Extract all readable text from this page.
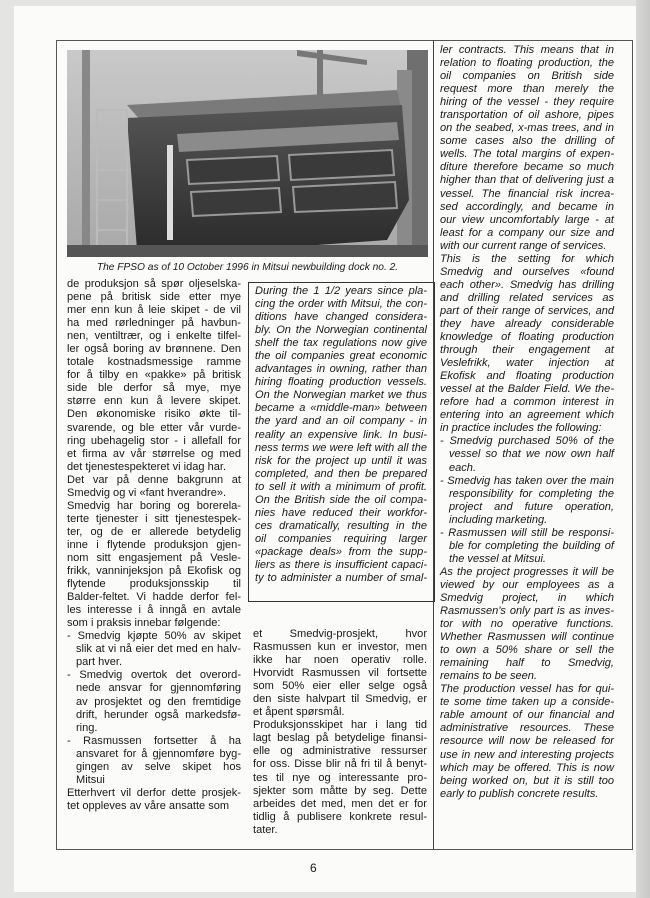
The FPSO as of 10 October 1996 in Mitsui newbuilding dock no. 2.

de produksjon så spør oljeselska-

pene på britisk side etter mye

mer enn kun å leie skipet - de vil

ha med rørledninger på havbun-

nen, ventiltrær, og i enkelte tilfel-

ler også boring av brønnene. Den

totale kostnadsmessige ramme

for å tilby en «pakke» på britisk

side ble derfor så mye, mye

større enn kun å levere skipet.

Den økonomiske risiko økte til-

svarende, og ble etter vår vurde-

ring ubehagelig stor - i allefall for

et firma av vår størrelse og med

det tjenestespekteret vi idag har.

Det var på denne bakgrunn at

Smedvig og vi «fant hverandre».

Smedvig har boring og borerela-

terte tjenester i sitt tjenestespek-

ter, og de er allerede betydelig

inne i flytende produksjon gjen-

nom sitt engasjement på Vesle-

frikk, vanninjeksjon på Ekofisk og

flytende produksjonsskip til

Balder-feltet. Vi hadde derfor fel-

les interesse i å inngå en avtale

som i praksis innebar følgende:

- Smedvig kjøpte 50% av skipet

slik at vi nå eier det med en halv-

part hver.

- Smedvig overtok det overord-

nede ansvar for gjennomføring

av prosjektet og den fremtidige

drift, herunder også markedsfø-

ring.

- Rasmussen fortsetter å ha

ansvaret for å gjennomføre byg-

gingen av selve skipet hos

Mitsui

Etterhvert vil derfor dette prosjek-

tet oppleves av våre ansatte som

During the 1 1/2 years since pla-

cing the order with Mitsui, the con-

ditions have changed considera-

bly. On the Norwegian continental

shelf the tax regulations now give

the oil companies great economic

advantages in owning, rather than

hiring floating production vessels.

On the Norwegian market we thus

became a «middle-man» between

the yard and an oil company - in

reality an expensive link. In busi-

ness terms we were left with all the

risk for the project up until it was

completed, and then be prepared

to sell it with a minimum of profit.

On the British side the oil compa-

nies have reduced their workfor-

ces dramatically, resulting in the

oil companies requiring larger

«package deals» from the supp-

liers as there is insufficient capaci-

ty to administer a number of smal-

et Smedvig-prosjekt, hvor

Rasmussen kun er investor, men

ikke har noen operativ rolle.

Hvorvidt Rasmussen vil fortsette

som 50% eier eller selge også

den siste halvpart til Smedvig, er

et åpent spørsmål.

Produksjonsskipet har i lang tid

lagt beslag på betydelige finansi-

elle og administrative ressurser

for oss. Disse blir nå fri til å benyt-

tes til nye og interessante pro-

sjekter som måtte by seg. Dette

arbeides det med, men det er for

tidlig å publisere konkrete resul-

tater.

ler contracts. This means that in

relation to floating production, the

oil companies on British side

request more than merely the

hiring of the vessel - they require

transportation of oil ashore, pipes

on the seabed, x-mas trees, and in

some cases also the drilling of

wells. The total margins of expen-

diture therefore became so much

higher than that of delivering just a

vessel. The financial risk increa-

sed accordingly, and became in

our view uncomfortably large - at

least for a company our size and

with our current range of services.

This is the setting for which

Smedvig and ourselves «found

each other». Smedvig has drilling

and drilling related services as

part of their range of services, and

they have already considerable

knowledge of floating production

through their engagement at

Veslefrikk, water injection at

Ekofisk and floating production

vessel at the Balder Field. We the-

refore had a common interest in

entering into an agreement which

in practice includes the following:

- Smedvig purchased 50% of the

vessel so that we now own half

each.

- Smedvig has taken over the main

responsibility for completing the

project and future operation,

including marketing.

- Rasmussen will still be responsi-

ble for completing the building of

the vessel at Mitsui.

As the project progresses it will be

viewed by our employees as a

Smedvig project, in which

Rasmussen's only part is as inves-

tor with no operative functions.

Whether Rasmussen will continue

to own a 50% share or sell the

remaining half to Smedvig,

remains to be seen.

The production vessel has for qui-

te some time taken up a conside-

rable amount of our financial and

administrative resources. These

resource will now be released for

use in new and interesting projects

which may be offered. This is now

being worked on, but it is still too

early to publish concrete results.

6
